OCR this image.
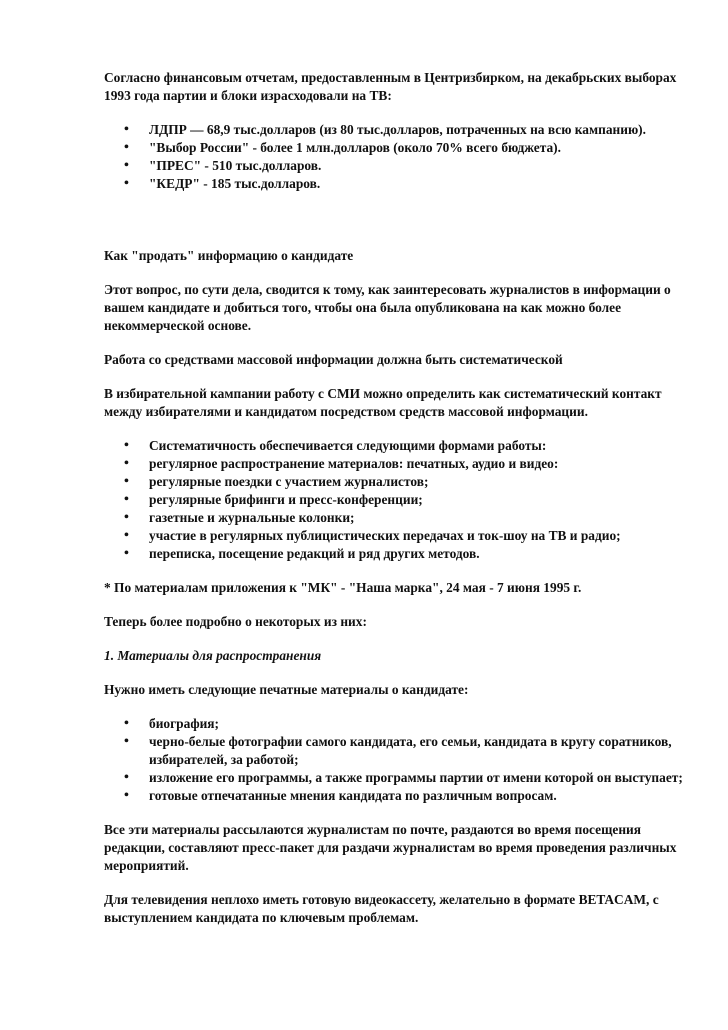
Согласно финансовым отчетам, предоставленным в Центризбирком, на декабрьских выборах 1993 года партии и блоки израсходовали на ТВ:

• ЛДПР — 68,9 тыс.долларов (из 80 тыс.долларов, потраченных на всю кампанию).
• "Выбор России" - более 1 млн.долларов (около 70% всего бюджета).
• "ПРЕС" - 510 тыс.долларов.
• "КЕДР" - 185 тыс.долларов.

Как "продать" информацию о кандидате

Этот вопрос, по сути дела, сводится к тому, как заинтересовать журналистов в информации о вашем кандидате и добиться того, чтобы она была опубликована на как можно более некоммерческой основе.

Работа со средствами массовой информации должна быть систематической

В избирательной кампании работу с СМИ можно определить как систематический контакт между избирателями и кандидатом посредством средств массовой информации.

• Систематичность обеспечивается следующими формами работы:
• регулярное распространение материалов: печатных, аудио и видео:
• регулярные поездки с участием журналистов;
• регулярные брифинги и пресс-конференции;
• газетные и журнальные колонки;
• участие в регулярных публицистических передачах и ток-шоу на ТВ и радио;
• переписка, посещение редакций и ряд других методов.

* По материалам приложения к "МК" - "Наша марка", 24 мая - 7 июня 1995 г.

Теперь более подробно о некоторых из них:

1. Материалы для распространения

Нужно иметь следующие печатные материалы о кандидате:

• биография;
• черно-белые фотографии самого кандидата, его семьи, кандидата в кругу соратников, избирателей, за работой;
• изложение его программы, а также программы партии от имени которой он выступает;
• готовые отпечатанные мнения кандидата по различным вопросам.

Все эти материалы рассылаются журналистам по почте, раздаются во время посещения редакции, составляют пресс-пакет для раздачи журналистам во время проведения различных мероприятий.

Для телевидения неплохо иметь готовую видеокассету, желательно в формате BETACAM, с выступлением кандидата по ключевым проблемам.
